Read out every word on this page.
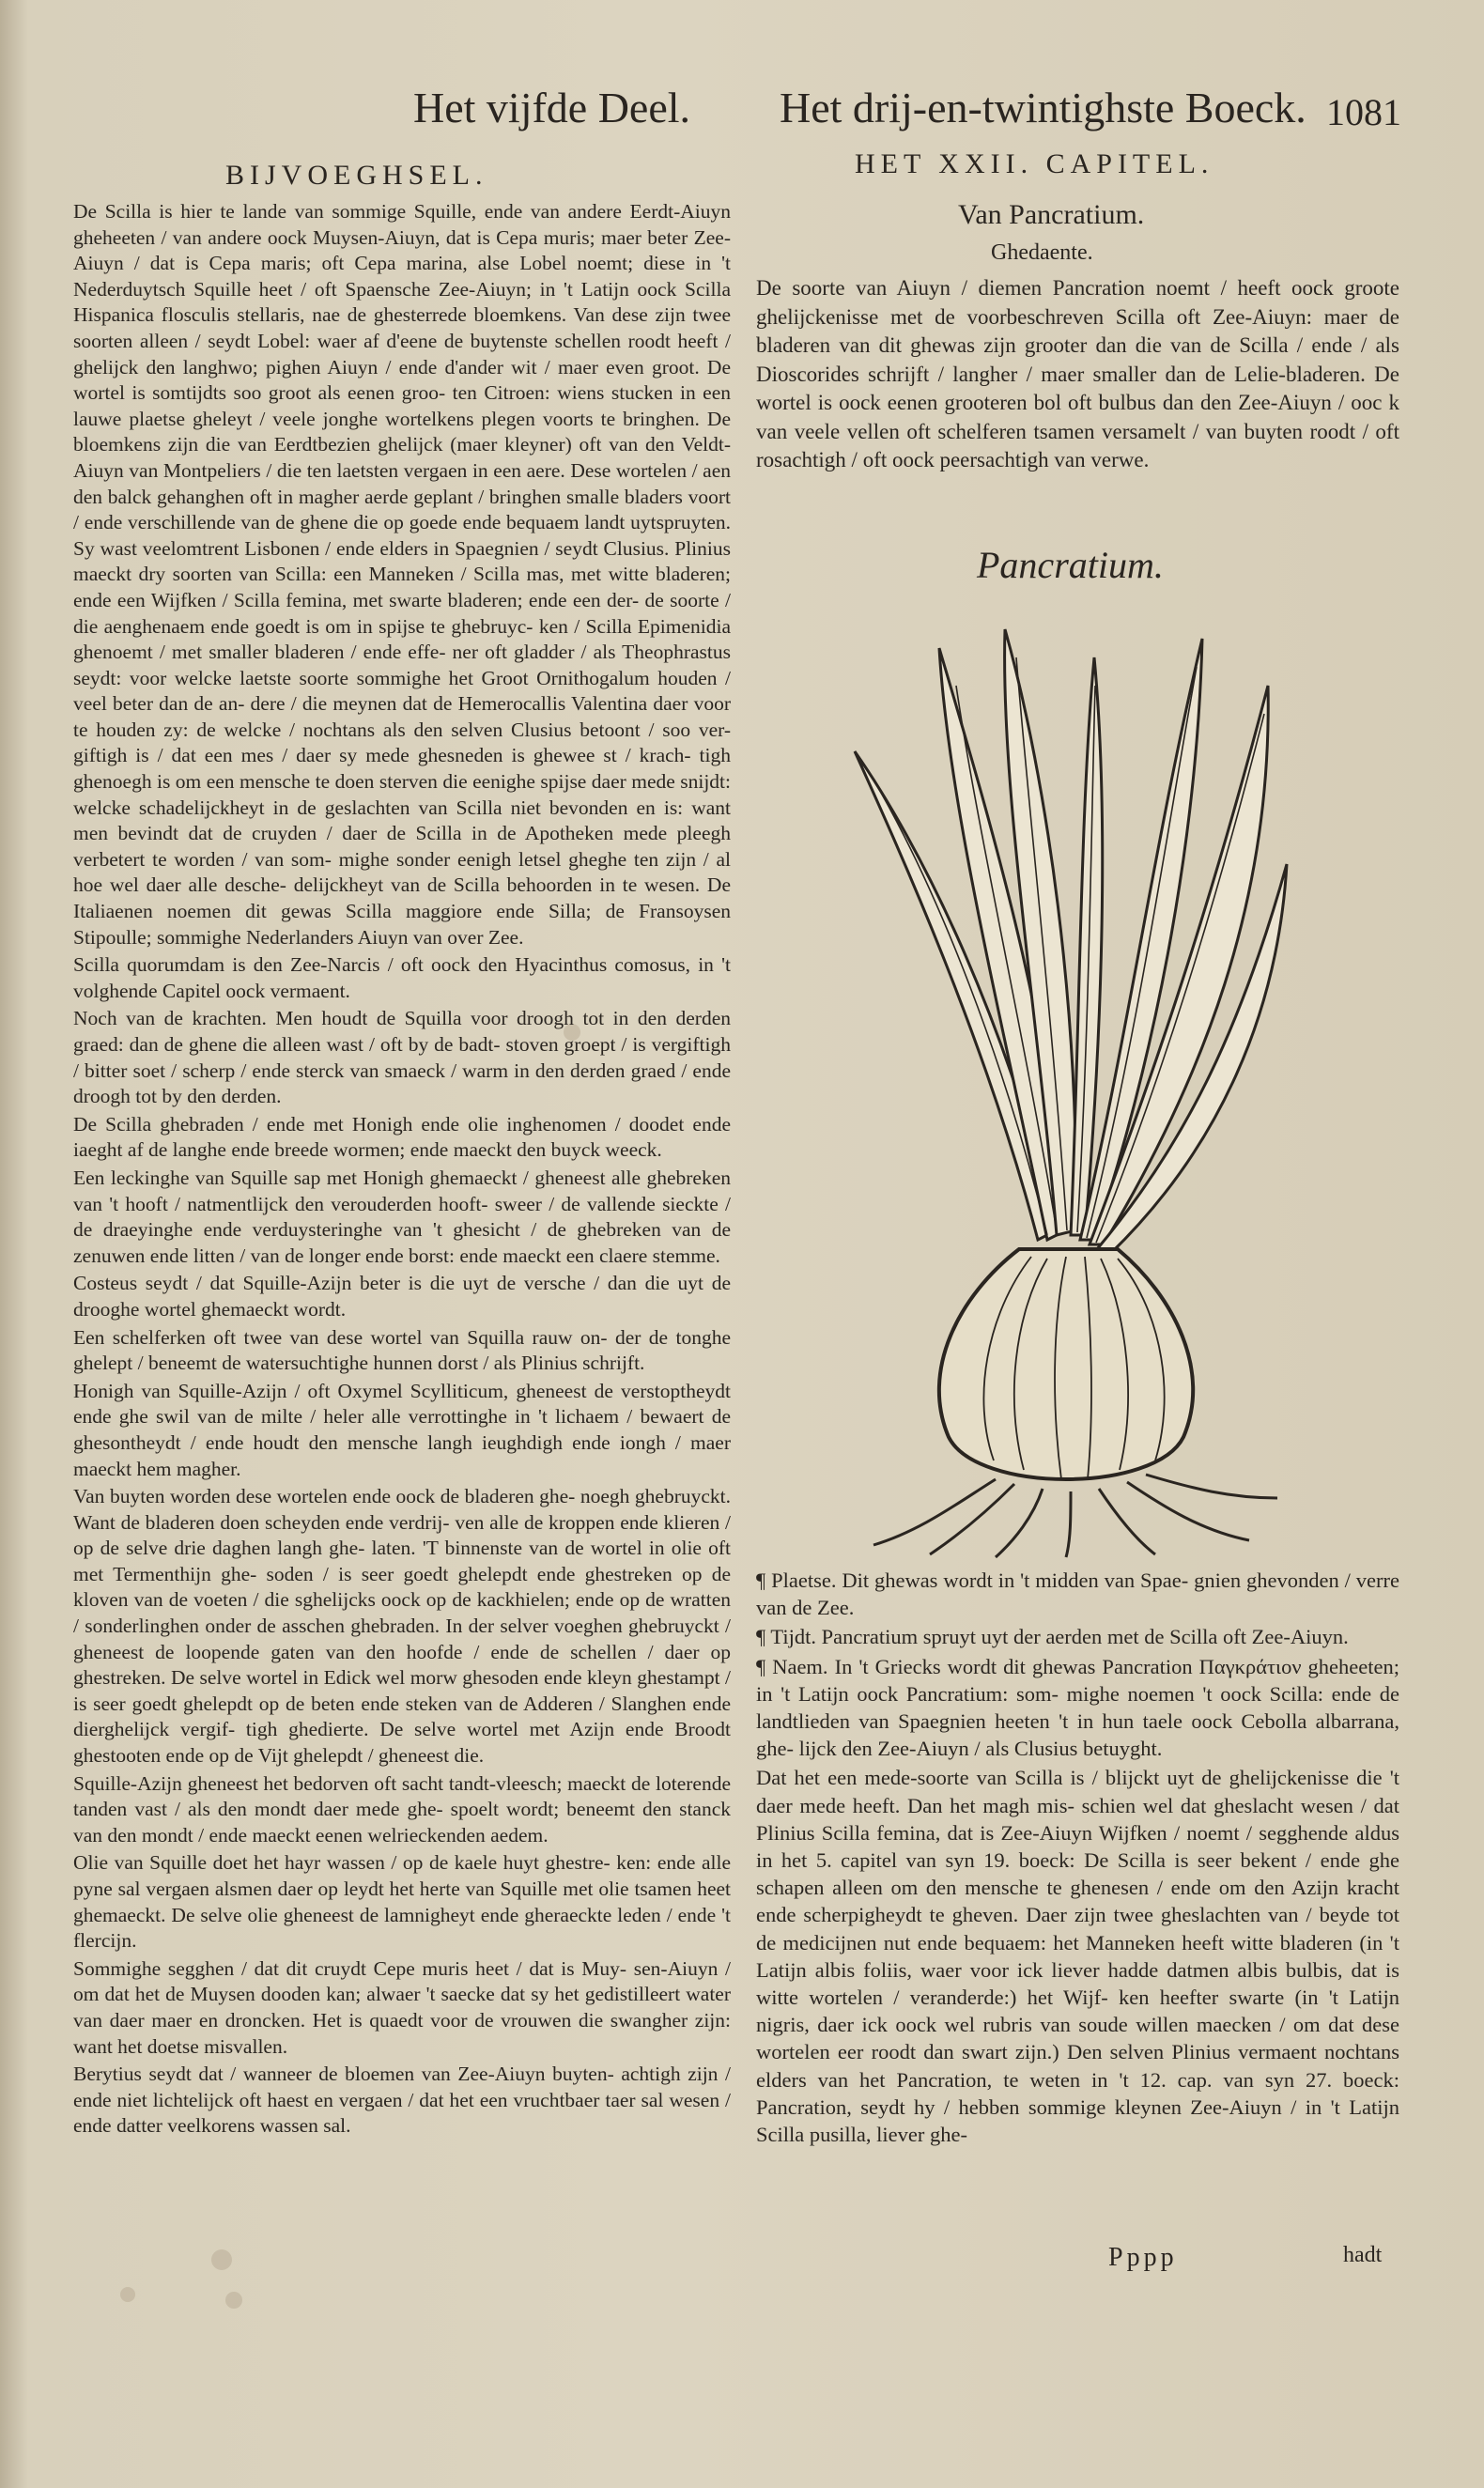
Het vijfde Deel. Het drij-en-twintighste Boeck. 1081
BIJVOEGHSEL.

De Scilla is hier te lande van sommige Squille, ende van andere Eerdt-Aiuyn gheheeten / van andere oock Muysen-Aiuyn, dat is Cepa muris; maer beter Zee-Aiuyn / dat is Cepa maris; oft Cepa marina, alse Lobel noemt; diese in 't Nederduytsch Squille heet / oft Spaensche Zee-Aiuyn; in 't Latijn oock Scilla Hispanica flosculis stellaris, nae de ghesterrede bloemkens. Van dese zijn twee soorten alleen / seydt Lobel: waer af d'eene de buytenste schellen roodt heeft / ghelijck den langhwo; pighen Aiuyn / ende d'ander wit / maer even groot. De wortel is somtijdts soo groot als eenen groo- ten Citroen: wiens stucken in een lauwe plaetse gheleyt / veele jonghe wortelkens plegen voorts te bringhen. De bloemkens zijn die van Eerdtbezien ghelijck (maer kleyner) oft van den Veldt-Aiuyn van Montpeliers / die ten laetsten vergaen in een aere. Dese wortelen / aen den balck gehanghen oft in magher aerde geplant / bringhen smalle bladers voort / ende verschillende van de ghene die op goede ende bequaem landt uytspruyten. Sy wast veelomtrent Lisbonen / ende elders in Spaegnien / seydt Clusius. Plinius maeckt dry soorten van Scilla: een Manneken / Scilla mas, met witte bladeren; ende een Wijfken / Scilla femina, met swarte bladeren; ende een der- de soorte / die aenghenaem ende goedt is om in spijse te ghebruyc- ken / Scilla Epimenidia ghenoemt / met smaller bladeren / ende effe- ner oft gladder / als Theophrastus seydt: voor welcke laetste soorte sommighe het Groot Ornithogalum houden / veel beter dan de an- dere / die meynen dat de Hemerocallis Valentina daer voor te houden zy: de welcke / nochtans als den selven Clusius betoont / soo ver- giftigh is / dat een mes / daer sy mede ghesneden is ghewee st / krach- tigh ghenoegh is om een mensche te doen sterven die eenighe spijse daer mede snijdt: welcke schadelijckheyt in de geslachten van Scilla niet bevonden en is: want men bevindt dat de cruyden / daer de Scilla in de Apotheken mede pleegh verbetert te worden / van som- mighe sonder eenigh letsel gheghe ten zijn / al hoe wel daer alle desche- delijckheyt van de Scilla behoorden in te wesen. De Italiaenen noemen dit gewas Scilla maggiore ende Silla; de Fransoysen Stipoulle; sommighe Nederlanders Aiuyn van over Zee.

Scilla quorumdam is den Zee-Narcis / oft oock den Hyacinthus comosus, in 't volghende Capitel oock vermaent.

Noch van de krachten. Men houdt de Squilla voor droogh tot in den derden graed: dan de ghene die alleen wast / oft by de badt- stoven groept / is vergiftigh / bitter soet / scherp / ende sterck van smaeck / warm in den derden graed / ende droogh tot by den derden.

De Scilla ghebraden / ende met Honigh ende olie inghenomen / doodet ende iaeght af de langhe ende breede wormen; ende maeckt den buyck weeck.

Een leckinghe van Squille sap met Honigh ghemaeckt / gheneest alle ghebreken van 't hooft / natmentlijck den verouderden hooft- sweer / de vallende sieckte / de draeyinghe ende verduysteringhe van 't ghesicht / de ghebreken van de zenuwen ende litten / van de longer ende borst: ende maeckt een claere stemme.

Costeus seydt / dat Squille-Azijn beter is die uyt de versche / dan die uyt de drooghe wortel ghemaeckt wordt.

Een schelferken oft twee van dese wortel van Squilla rauw on- der de tonghe ghelept / beneemt de watersuchtighe hunnen dorst / als Plinius schrijft.

Honigh van Squille-Azijn / oft Oxymel Scylliticum, gheneest de verstoptheydt ende ghe swil van de milte / heler alle verrottinghe in 't lichaem / bewaert de ghesontheydt / ende houdt den mensche langh ieughdigh ende iongh / maer maeckt hem magher.

Van buyten worden dese wortelen ende oock de bladeren ghe- noegh ghebruyckt. Want de bladeren doen scheyden ende verdrij- ven alle de kroppen ende klieren / op de selve drie daghen langh ghe- laten. 'T binnenste van de wortel in olie oft met Termenthijn ghe- soden / is seer goedt ghelepdt ende ghestreken op de kloven van de voeten / die sghelijcks oock op de kackhielen; ende op de wratten / sonderlinghen onder de asschen ghebraden. In der selver voeghen ghebruyckt / gheneest de loopende gaten van den hoofde / ende de schellen / daer op ghestreken. De selve wortel in Edick wel morw ghesoden ende kleyn ghestampt / is seer goedt ghelepdt op de beten ende steken van de Adderen / Slanghen ende dierghelijck vergif- tigh ghedierte. De selve wortel met Azijn ende Broodt ghestooten ende op de Vijt ghelepdt / gheneest die.

Squille-Azijn gheneest het bedorven oft sacht tandt-vleesch; maeckt de loterende tanden vast / als den mondt daer mede ghe- spoelt wordt; beneemt den stanck van den mondt / ende maeckt eenen welrieckenden aedem.

Olie van Squille doet het hayr wassen / op de kaele huyt ghestre- ken: ende alle pyne sal vergaen alsmen daer op leydt het herte van Squille met olie tsamen heet ghemaeckt. De selve olie gheneest de lamnigheyt ende gheraeckte leden / ende 't flercijn.

Sommighe segghen / dat dit cruydt Cepe muris heet / dat is Muy- sen-Aiuyn / om dat het de Muysen dooden kan; alwaer 't saecke dat sy het gedistilleert water van daer maer en droncken. Het is quaedt voor de vrouwen die swangher zijn: want het doetse misvallen.

Berytius seydt dat / wanneer de bloemen van Zee-Aiuyn buyten- achtigh zijn / ende niet lichtelijck oft haest en vergaen / dat het een vruchtbaer taer sal wesen / ende datter veelkorens wassen sal.

HET XXII. CAPITEL.
Van Pancratium.
Ghedaente.

De soorte van Aiuyn / diemen Pancration noemt / heeft oock groote ghelijckenisse met de voorbeschreven Scilla oft Zee-Aiuyn: maer de bladeren van dit ghewas zijn grooter dan die van de Scilla / ende / als Dioscorides schrijft / langher / maer smaller dan de Lelie-bladeren. De wortel is oock eenen grooteren bol oft bulbus dan den Zee-Aiuyn / ooc k van veele vellen oft schelferen tsamen versamelt / van buyten roodt / oft rosachtigh / oft oock peersachtigh van verwe.

Pancratium.

¶ Plaetse. Dit ghewas wordt in 't midden van Spae- gnien ghevonden / verre van de Zee.

¶ Tijdt. Pancratium spruyt uyt der aerden met de Scilla oft Zee-Aiuyn.

¶ Naem. In 't Griecks wordt dit ghewas Pancration Παγκράτιον gheheeten; in 't Latijn oock Pancratium: som- mighe noemen 't oock Scilla: ende de landtlieden van Spaegnien heeten 't in hun taele oock Cebolla albarrana, ghe- lijck den Zee-Aiuyn / als Clusius betuyght.

Dat het een mede-soorte van Scilla is / blijckt uyt de ghelijckenisse die 't daer mede heeft. Dan het magh mis- schien wel dat gheslacht wesen / dat Plinius Scilla femina, dat is Zee-Aiuyn Wijfken / noemt / segghende aldus in het 5. capitel van syn 19. boeck: De Scilla is seer bekent / ende ghe schapen alleen om den mensche te ghenesen / ende om den Azijn kracht ende scherpigheydt te gheven. Daer zijn twee gheslachten van / beyde tot de medicijnen nut ende bequaem: het Manneken heeft witte bladeren (in 't Latijn albis foliis, waer voor ick liever hadde datmen albis bulbis, dat is witte wortelen / veranderde:) het Wijf- ken heefter swarte (in 't Latijn nigris, daer ick oock wel rubris van soude willen maecken / om dat dese wortelen eer roodt dan swart zijn.) Den selven Plinius vermaent nochtans elders van het Pancration, te weten in 't 12. cap. van syn 27. boeck: Pancration, seydt hy / hebben sommige kleynen Zee-Aiuyn / in 't Latijn Scilla pusilla, liever ghe-

Pppp	hadt
